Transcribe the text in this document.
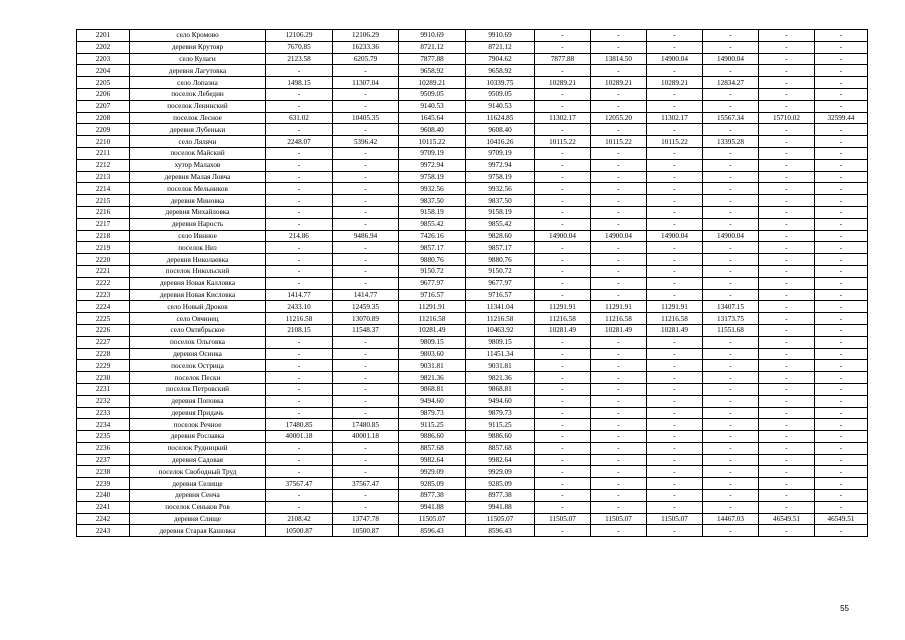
2201	село Кромово	12106.29	12106.29	9910.69	9910.69	-	-	-	-	-	-
2202	деревня Крутояр	7670.85	16233.36	8721.12	8721.12	-	-	-	-	-	-
2203	село Кулаги	2123.58	6205.79	7877.88	7904.62	7877.88	13814.50	14900.04	14900.04	-	-
2204	деревня Лагутовка	-	-	9658.92	9658.92	-	-	-	-	-	-
2205	село Лопазна	1498.15	11307.04	10289.21	10339.75	10289.21	10289.21	10289.21	12834.27	-	-
2206	поселок Лебедин	-	-	9509.05	9509.05	-	-	-	-	-	-
2207	поселок Ленинский	-	-	9140.53	9140.53	-	-	-	-	-	-
2208	поселок Лесное	631.02	10405.35	1645.64	11624.85	11302.17	12055.20	11302.17	15567.34	15710.02	32599.44
2209	деревня Лубеньки	-	-	9608.40	9608.40	-	-	-	-	-	-
2210	село Лялячи	2248.07	5396.42	10115.22	10416.26	10115.22	10115.22	10115.22	13395.28	-	-
2211	поселок Майский	-	-	9709.19	9709.19	-	-	-	-	-	-
2212	хутор Малахов	-	-	9972.94	9972.94	-	-	-	-	-	-
2213	деревня Малая Ловча	-	-	9758.19	9758.19	-	-	-	-	-	-
2214	поселок Мельников	-	-	9932.56	9932.56	-	-	-	-	-	-
2215	деревня Миновка	-	-	9837.50	9837.50	-	-	-	-	-	-
2216	деревня Михайловка	-	-	9158.19	9158.19	-	-	-	-	-	-
2217	деревня Нарость	-	-	9855.42	9855.42	-	-	-	-	-	-
2218	село Ивнное	214.86	9486.94	7426.16	9828.60	14900.04	14900.04	14900.04	14900.04	-	-
2219	поселок Низ	-	-	9857.17	9857.17	-	-	-	-	-	-
2220	деревня Николаевка	-	-	9880.76	9880.76	-	-	-	-	-	-
2221	поселок Никольский	-	-	9150.72	9150.72	-	-	-	-	-	-
2222	деревня Новая Калловка	-	-	9677.97	9677.97	-	-	-	-	-	-
2223	деревня Новая Кисловка	1414.77	1414.77	9716.57	9716.57	-	-	-	-	-	-
2224	село Новый Дроков	2433.10	12459.35	11291.91	11341.04	11291.91	11291.91	11291.91	13407.15	-	-
2225	село Овчинец	11216.58	13070.89	11216.58	11216.58	11216.58	11216.58	11216.58	13173.75	-	-
2226	село Октябрьское	2108.15	11548.37	10281.49	10463.92	10281.49	10281.49	10281.49	11551.68	-	-
2227	поселок Ольговка	-	-	9809.15	9809.15	-	-	-	-	-	-
2228	деревня Осинка	-	-	9803.60	11451.34	-	-	-	-	-	-
2229	поселок Острица	-	-	9031.81	9031.81	-	-	-	-	-	-
2230	поселок Пески	-	-	9821.36	9821.36	-	-	-	-	-	-
2231	поселок Петровский	-	-	9868.81	9868.81	-	-	-	-	-	-
2232	деревня Поповка	-	-	9494.60	9494.60	-	-	-	-	-	-
2233	деревня Придачь	-	-	9879.73	9879.73	-	-	-	-	-	-
2234	поселок Речное	17480.85	17480.85	9115.25	9115.25	-	-	-	-	-	-
2235	деревня Рославка	40001.18	40001.18	9886.60	9886.60	-	-	-	-	-	-
2236	поселок Рудницкий	-	-	8857.68	8857.68	-	-	-	-	-	-
2237	деревня Садовая	-	-	9982.64	9982.64	-	-	-	-	-	-
2238	поселок Свободный Труд	-	-	9929.09	9929.09	-	-	-	-	-	-
2239	деревня Селище	37567.47	37567.47	9285.09	9285.09	-	-	-	-	-	-
2240	деревня Сенча	-	-	8977.38	8977.38	-	-	-	-	-	-
2241	поселок Сеньков Ров	-	-	9941.88	9941.88	-	-	-	-	-	-
2242	деревня Слище	2108.42	13747.78	11505.07	11505.07	11505.07	11505.07	11505.07	14467.03	46549.51	46549.51
2243	деревня Старая Кашовка	10500.87	10500.87	8596.43	8596.43	-	-	-	-	-	-
55
